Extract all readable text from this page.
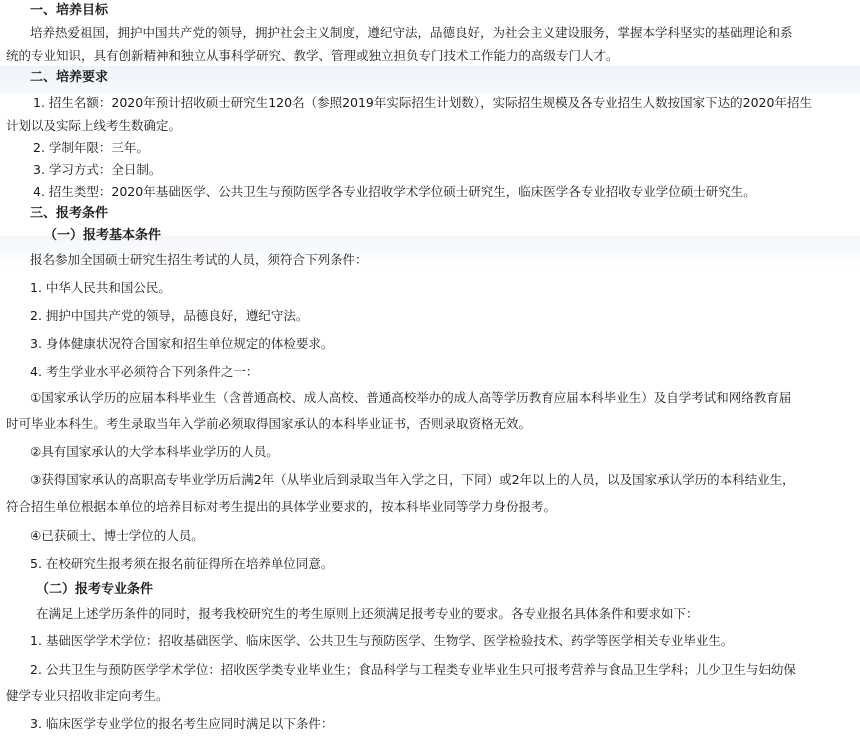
一、培养目标
培养热爱祖国，拥护中国共产党的领导，拥护社会主义制度，遵纪守法，品德良好，为社会主义建设服务，掌握本学科坚实的基础理论和系
统的专业知识，具有创新精神和独立从事科学研究、教学、管理或独立担负专门技术工作能力的高级专门人才。
二、培养要求
1. 招生名额：2020年预计招收硕士研究生120名（参照2019年实际招生计划数），实际招生规模及各专业招生人数按国家下达的2020年招生
计划以及实际上线考生数确定。
2. 学制年限：三年。
3. 学习方式：全日制。
4. 招生类型：2020年基础医学、公共卫生与预防医学各专业招收学术学位硕士研究生，临床医学各专业招收专业学位硕士研究生。
三、报考条件
（一）报考基本条件
报名参加全国硕士研究生招生考试的人员，须符合下列条件：
1. 中华人民共和国公民。
2. 拥护中国共产党的领导，品德良好，遵纪守法。
3. 身体健康状况符合国家和招生单位规定的体检要求。
4. 考生学业水平必须符合下列条件之一：
①国家承认学历的应届本科毕业生（含普通高校、成人高校、普通高校举办的成人高等学历教育应届本科毕业生）及自学考试和网络教育届
时可毕业本科生。考生录取当年入学前必须取得国家承认的本科毕业证书，否则录取资格无效。
②具有国家承认的大学本科毕业学历的人员。
③获得国家承认的高职高专毕业学历后满2年（从毕业后到录取当年入学之日，下同）或2年以上的人员，以及国家承认学历的本科结业生，
符合招生单位根据本单位的培养目标对考生提出的具体学业要求的，按本科毕业同等学力身份报考。
④已获硕士、博士学位的人员。
5. 在校研究生报考须在报名前征得所在培养单位同意。
（二）报考专业条件
在满足上述学历条件的同时，报考我校研究生的考生原则上还须满足报考专业的要求。各专业报名具体条件和要求如下：
1. 基础医学学术学位：招收基础医学、临床医学、公共卫生与预防医学、生物学、医学检验技术、药学等医学相关专业毕业生。
2. 公共卫生与预防医学学术学位：招收医学类专业毕业生；食品科学与工程类专业毕业生只可报考营养与食品卫生学科；儿少卫生与妇幼保
健学专业只招收非定向考生。
3. 临床医学专业学位的报名考生应同时满足以下条件：
